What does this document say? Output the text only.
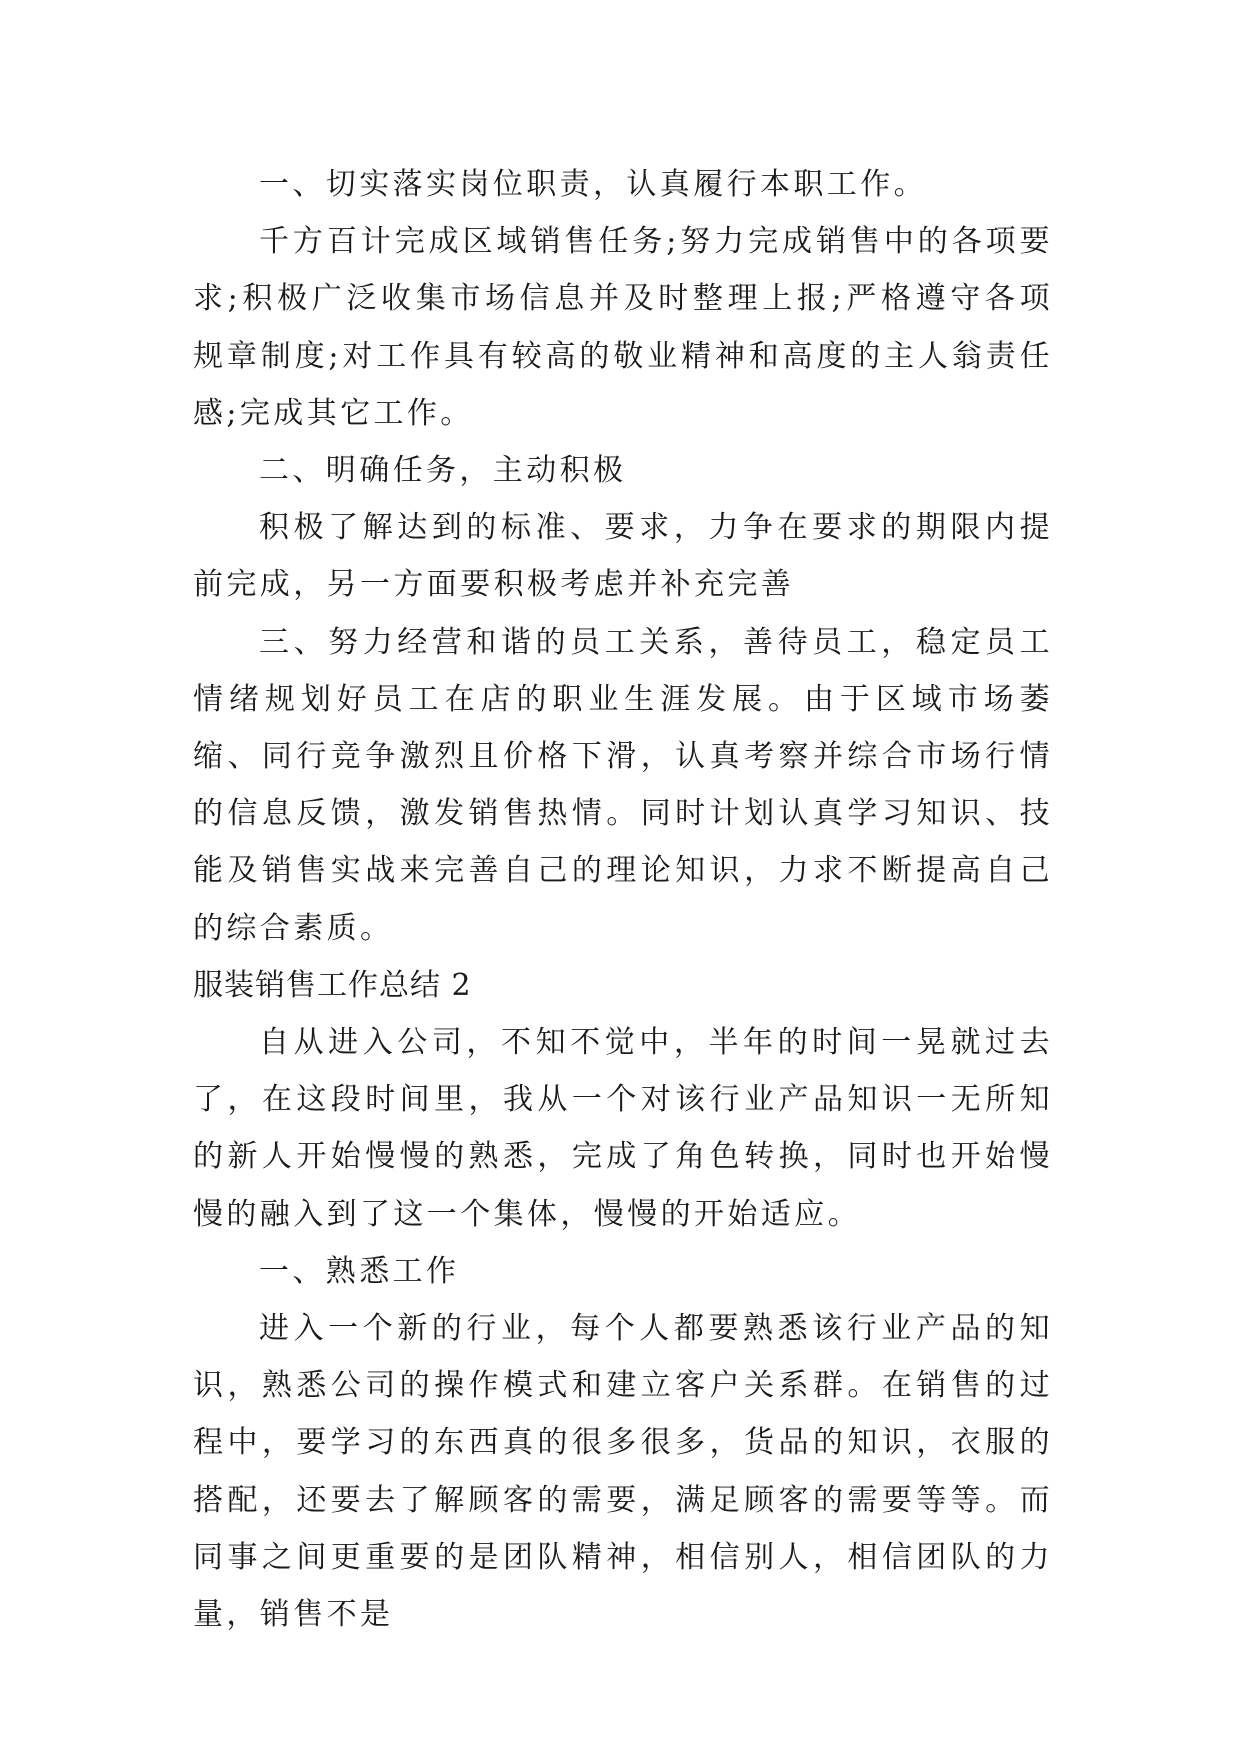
一、切实落实岗位职责，认真履行本职工作。

千方百计完成区域销售任务;努力完成销售中的各项要求;积极广泛收集市场信息并及时整理上报;严格遵守各项规章制度;对工作具有较高的敬业精神和高度的主人翁责任感;完成其它工作。

二、明确任务，主动积极

积极了解达到的标准、要求，力争在要求的期限内提前完成，另一方面要积极考虑并补充完善

三、努力经营和谐的员工关系，善待员工，稳定员工情绪规划好员工在店的职业生涯发展。由于区域市场萎缩、同行竞争激烈且价格下滑，认真考察并综合市场行情的信息反馈，激发销售热情。同时计划认真学习知识、技能及销售实战来完善自己的理论知识，力求不断提高自己的综合素质。

服装销售工作总结 2

自从进入公司，不知不觉中，半年的时间一晃就过去了，在这段时间里，我从一个对该行业产品知识一无所知的新人开始慢慢的熟悉，完成了角色转换，同时也开始慢慢的融入到了这一个集体，慢慢的开始适应。

一、熟悉工作

进入一个新的行业，每个人都要熟悉该行业产品的知识，熟悉公司的操作模式和建立客户关系群。在销售的过程中，要学习的东西真的很多很多，货品的知识，衣服的搭配，还要去了解顾客的需要，满足顾客的需要等等。而同事之间更重要的是团队精神，相信别人，相信团队的力量，销售不是
